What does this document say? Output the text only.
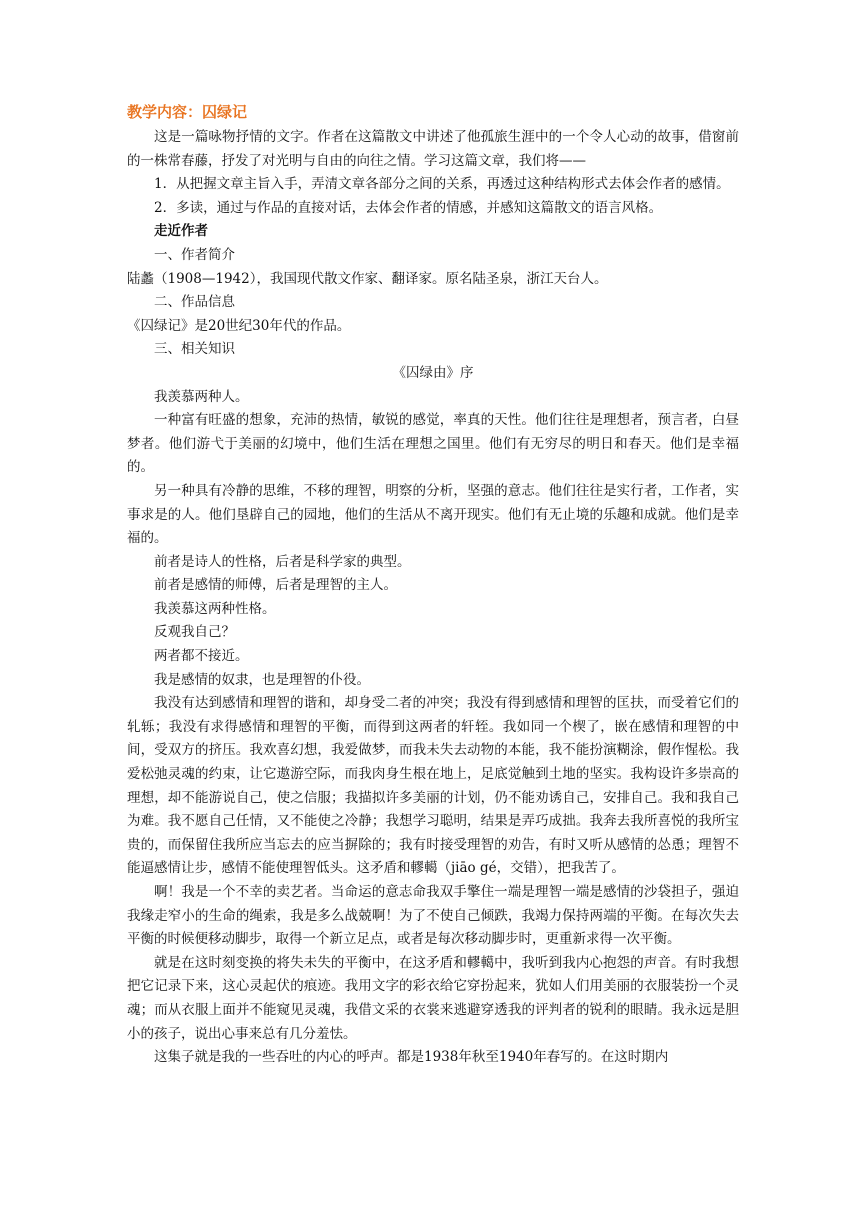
教学内容：囚绿记

这是一篇咏物抒情的文字。作者在这篇散文中讲述了他孤旅生涯中的一个令人心动的故事，借窗前的一株常春藤，抒发了对光明与自由的向往之情。学习这篇文章，我们将——

1．从把握文章主旨入手，弄清文章各部分之间的关系，再透过这种结构形式去体会作者的感情。

2．多读，通过与作品的直接对话，去体会作者的情感，并感知这篇散文的语言风格。

走近作者

一、作者简介

陆蠡（1908—1942），我国现代散文作家、翻译家。原名陆圣泉，浙江天台人。

二、作品信息

《囚绿记》是20世纪30年代的作品。

三、相关知识

《囚绿由》序

我羡慕两种人。

一种富有旺盛的想象，充沛的热情，敏锐的感觉，率真的天性。他们往往是理想者，预言者，白昼梦者。他们游弋于美丽的幻境中，他们生活在理想之国里。他们有无穷尽的明日和春天。他们是幸福的。

另一种具有冷静的思维，不移的理智，明察的分析，坚强的意志。他们往往是实行者，工作者，实事求是的人。他们垦辟自己的园地，他们的生活从不离开现实。他们有无止境的乐趣和成就。他们是幸福的。

前者是诗人的性格，后者是科学家的典型。

前者是感情的师傅，后者是理智的主人。

我羡慕这两种性格。

反观我自己？

两者都不接近。

我是感情的奴隶，也是理智的仆役。

我没有达到感情和理智的谐和，却身受二者的冲突；我没有得到感情和理智的匡扶，而受着它们的轧轹；我没有求得感情和理智的平衡，而得到这两者的轩轾。我如同一个楔了，嵌在感情和理智的中间，受双方的挤压。我欢喜幻想，我爱做梦，而我未失去动物的本能，我不能扮演糊涂，假作惺松。我爱松弛灵魂的约束，让它遨游空际，而我肉身生根在地上，足底觉触到土地的坚实。我构设许多崇高的理想，却不能游说自己，使之信服；我描拟许多美丽的计划，仍不能劝诱自己，安排自己。我和我自己为难。我不愿自己任情，又不能使之冷静；我想学习聪明，结果是弄巧成拙。我奔去我所喜悦的我所宝贵的，而保留住我所应当忘去的应当摒除的；我有时接受理智的劝告，有时又听从感情的怂恿；理智不能逼感情让步，感情不能使理智低头。这矛盾和轇轕（jiāo gé，交错），把我苦了。

啊！我是一个不幸的卖艺者。当命运的意志命我双手擎住一端是理智一端是感情的沙袋担子，强迫我缘走窄小的生命的绳索，我是多么战兢啊！为了不使自己倾跌，我竭力保持两端的平衡。在每次失去平衡的时候便移动脚步，取得一个新立足点，或者是每次移动脚步时，更重新求得一次平衡。

就是在这时刻变换的将失未失的平衡中，在这矛盾和轇轕中，我听到我内心抱怨的声音。有时我想把它记录下来，这心灵起伏的痕迹。我用文字的彩衣给它穿扮起来，犹如人们用美丽的衣服装扮一个灵魂；而从衣服上面并不能窥见灵魂，我借文采的衣裳来逃避穿透我的评判者的锐利的眼睛。我永远是胆小的孩子，说出心事来总有几分羞怯。

这集子就是我的一些吞吐的内心的呼声。都是1938年秋至1940年春写的。在这时期内
